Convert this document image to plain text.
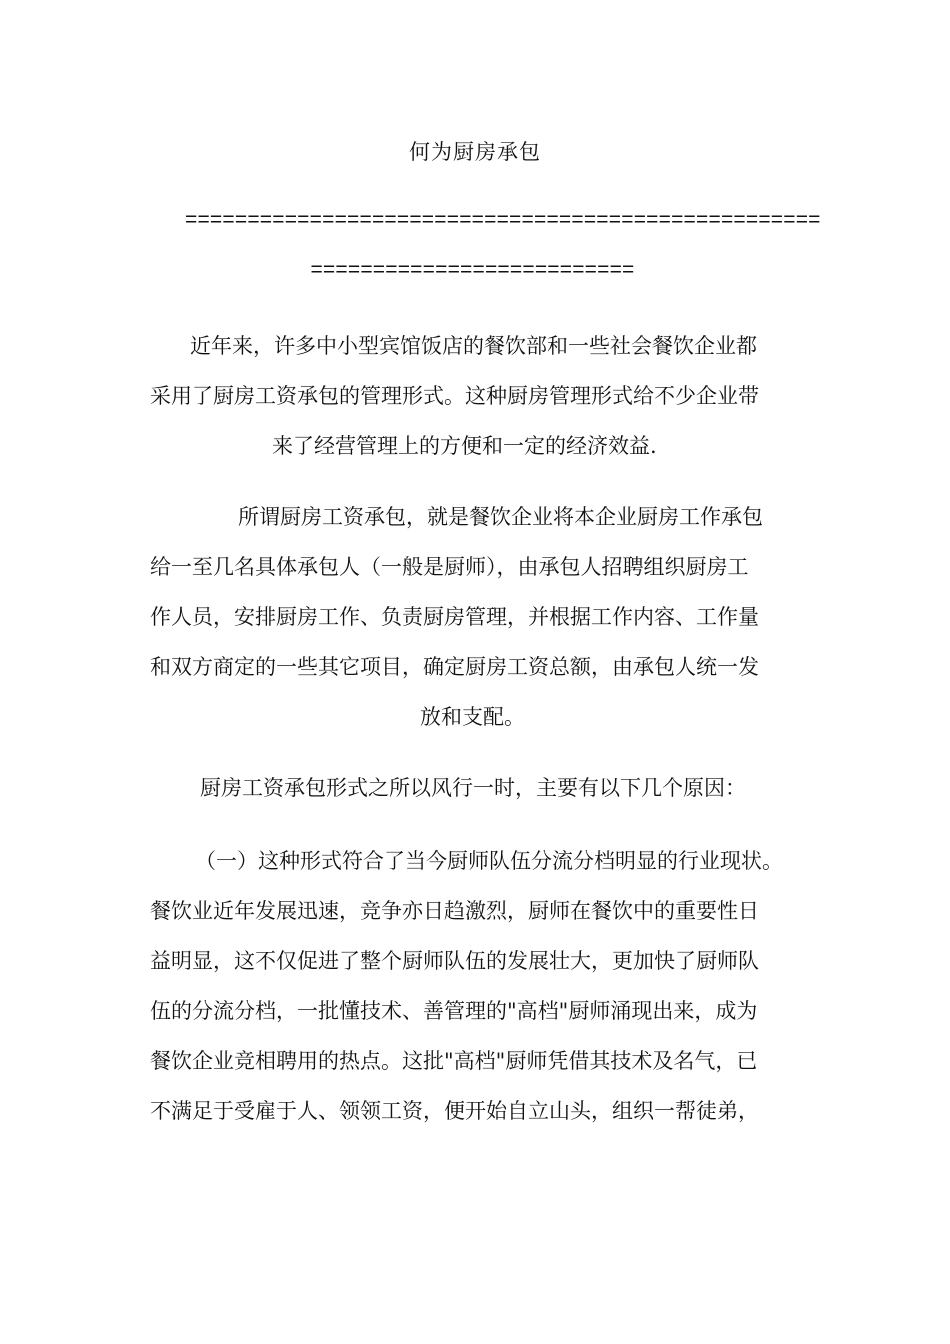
何为厨房承包
===================================================
==========================
近年来，许多中小型宾馆饭店的餐饮部和一些社会餐饮企业都
采用了厨房工资承包的管理形式。这种厨房管理形式给不少企业带
来了经营管理上的方便和一定的经济效益.
所谓厨房工资承包，就是餐饮企业将本企业厨房工作承包
给一至几名具体承包人（一般是厨师），由承包人招聘组织厨房工
作人员，安排厨房工作、负责厨房管理，并根据工作内容、工作量
和双方商定的一些其它项目，确定厨房工资总额，由承包人统一发
放和支配。
厨房工资承包形式之所以风行一时，主要有以下几个原因：
（一）这种形式符合了当今厨师队伍分流分档明显的行业现状。
餐饮业近年发展迅速，竞争亦日趋激烈，厨师在餐饮中的重要性日
益明显，这不仅促进了整个厨师队伍的发展壮大，更加快了厨师队
伍的分流分档，一批懂技术、善管理的"高档"厨师涌现出来，成为
餐饮企业竞相聘用的热点。这批"高档"厨师凭借其技术及名气，已
不满足于受雇于人、领领工资，便开始自立山头，组织一帮徒弟，
